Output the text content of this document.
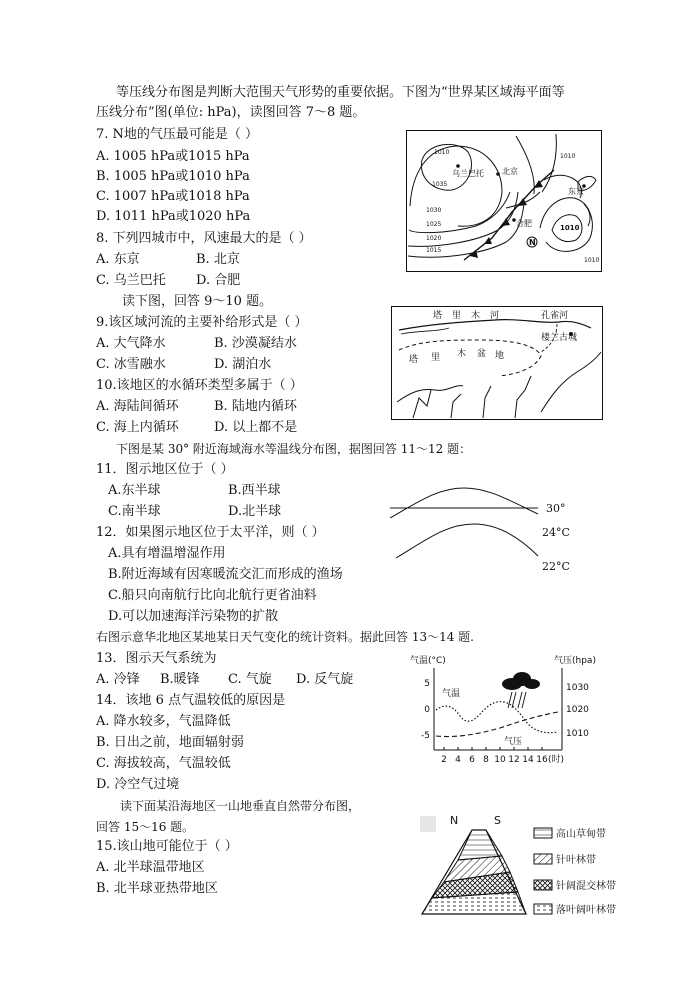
等压线分布图是判断大范围天气形势的重要依据。下图为“世界某区域海平面等
压线分布”图(单位: hPa)，读图回答 7～8 题。
7. N地的气压最可能是（ ）
A. 1005 hPa或1015 hPa
B. 1005 hPa或1010 hPa
C. 1007 hPa或1018 hPa
D. 1011 hPa或1020 hPa
8. 下列四城市中，风速最大的是（ ）
A. 东京	B. 北京
C. 乌兰巴托 D. 合肥
读下图，回答 9～10 题。
9.该区域河流的主要补给形式是（ ）
A. 大气降水	B. 沙漠凝结水
C. 冰雪融水	D. 湖泊水
10.该地区的水循环类型多属于（ ）
A. 海陆间循环	B. 陆地内循环
C. 海上内循环	D. 以上都不是
下图是某 30° 附近海域海水等温线分布图，据图回答 11～12 题：
11．图示地区位于（ ）
A.东半球	B.西半球
C.南半球	D.北半球
12．如果图示地区位于太平洋，则（ ）
A.具有增温增湿作用
B.附近海域有因寒暖流交汇而形成的渔场
C.船只向南航行比向北航行更省油料
D.可以加速海洋污染物的扩散
右图示意华北地区某地某日天气变化的统计资料。据此回答 13～14 题.
13．图示天气系统为
A. 冷锋 B.暖锋 C. 气旋 D. 反气旋
14．该地 6 点气温较低的原因是
A. 降水较多，气温降低
B. 日出之前，地面辐射弱
C. 海拔较高，气温较低
D. 冷空气过境
读下面某沿海地区一山地垂直自然带分布图，
回答 15～16 题。
15.该山地可能位于（ ）
A. 北半球温带地区
B. 北半球亚热带地区
乌兰巴托 北京
合肥
东京
N
1010
1035
1030
1025
1020
1015
1010
1010
1010
塔里木河	孔雀河
楼兰古城
塔 里 木 盆 地
30°
24°C
22°C
气温(°C)	气压(hpa)
2 4 6 8 10 12 14 16 (时)
5
0
-5
1030
1020
1010
气温
气压
N	S
高山草甸带
针叶林带
针阔混交林带
落叶阔叶林带
